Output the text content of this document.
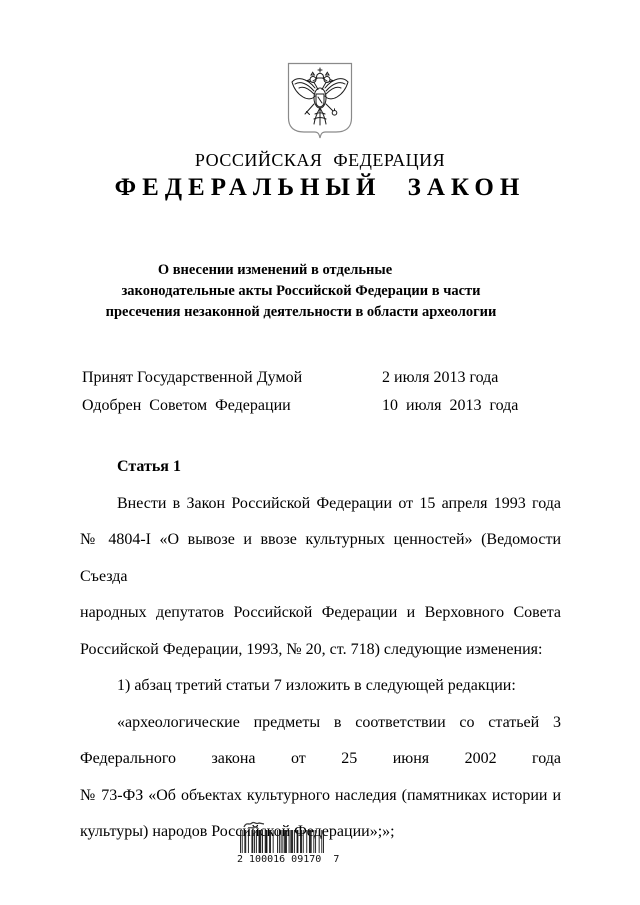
РОССИЙСКАЯ ФЕДЕРАЦИЯ
ФЕДЕРАЛЬНЫЙ ЗАКОН
О внесении изменений в отдельные
законодательные акты Российской Федерации в части
пресечения незаконной деятельности в области археологии
Принят Государственной Думой	2 июля 2013 года
Одобрен Советом Федерации	10 июля 2013 года
Статья 1
Внести в Закон Российской Федерации от 15 апреля 1993 года
№ 4804-I «О вывозе и ввозе культурных ценностей» (Ведомости Съезда
народных депутатов Российской Федерации и Верховного Совета
Российской Федерации, 1993, № 20, ст. 718) следующие изменения:
1) абзац третий статьи 7 изложить в следующей редакции:
«археологические предметы в соответствии со статьей 3
Федерального закона от 25 июня 2002 года
№ 73-ФЗ «Об объектах культурного наследия (памятниках истории и
культуры) народов Российской Федерации»;»;
2 100016 09170  7
